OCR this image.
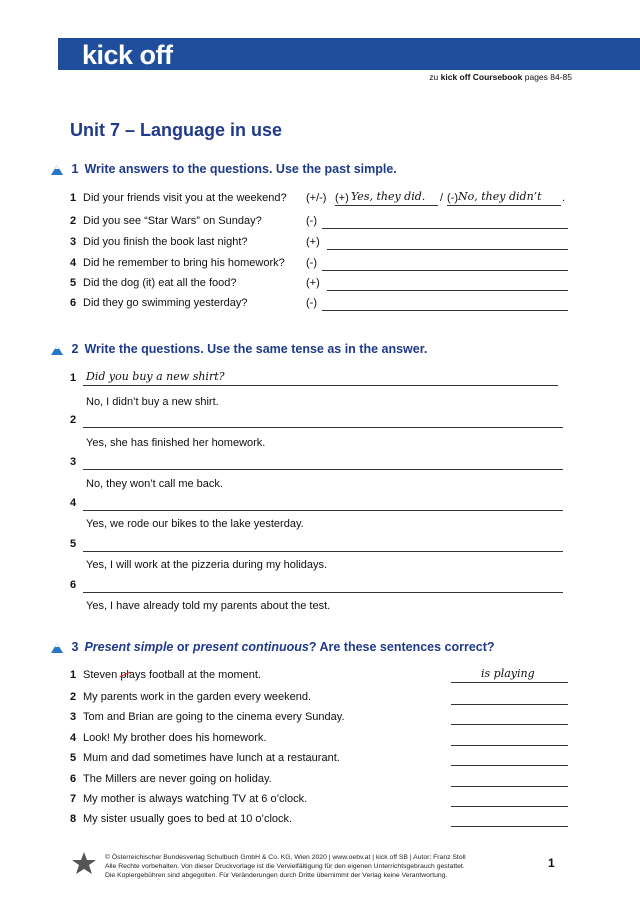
kick off
zu kick off Coursebook pages 84-85
Unit 7 – Language in use
1 Write answers to the questions. Use the past simple.
1 Did your friends visit you at the weekend? (+/-) (+) Yes, they did. / (-) No, they didn’t .
2 Did you see “Star Wars” on Sunday?	(-)
3 Did you finish the book last night?	(+)
4 Did he remember to bring his homework? (-)
5 Did the dog (it) eat all the food?	(+)
6 Did they go swimming yesterday?	(-)
2 Write the questions. Use the same tense as in the answer.
1 Did you buy a new shirt?
No, I didn’t buy a new shirt.
2
Yes, she has finished her homework.
3
No, they won’t call me back.
4
Yes, we rode our bikes to the lake yesterday.
5
Yes, I will work at the pizzeria during my holidays.
6
Yes, I have already told my parents about the test.
3 Present simple or present continuous? Are these sentences correct?
1 Steven plays football at the moment.	is playing
2 My parents work in the garden every weekend.
3 Tom and Brian are going to the cinema every Sunday.
4 Look! My brother does his homework.
5 Mum and dad sometimes have lunch at a restaurant.
6 The Millers are never going on holiday.
7 My mother is always watching TV at 6 o’clock.
8 My sister usually goes to bed at 10 o’clock.
© Österreichischer Bundesverlag Schulbuch GmbH & Co. KG, Wien 2020 | www.oebv.at | kick off SB | Autor: Franz Stoll
Alle Rechte vorbehalten. Von dieser Druckvorlage ist die Vervielfältigung für den eigenen Unterrichtsgebrauch gestattet.
Die Kopiergebühren sind abgegolten. Für Veränderungen durch Dritte übernimmt der Verlag keine Verantwortung.
1
